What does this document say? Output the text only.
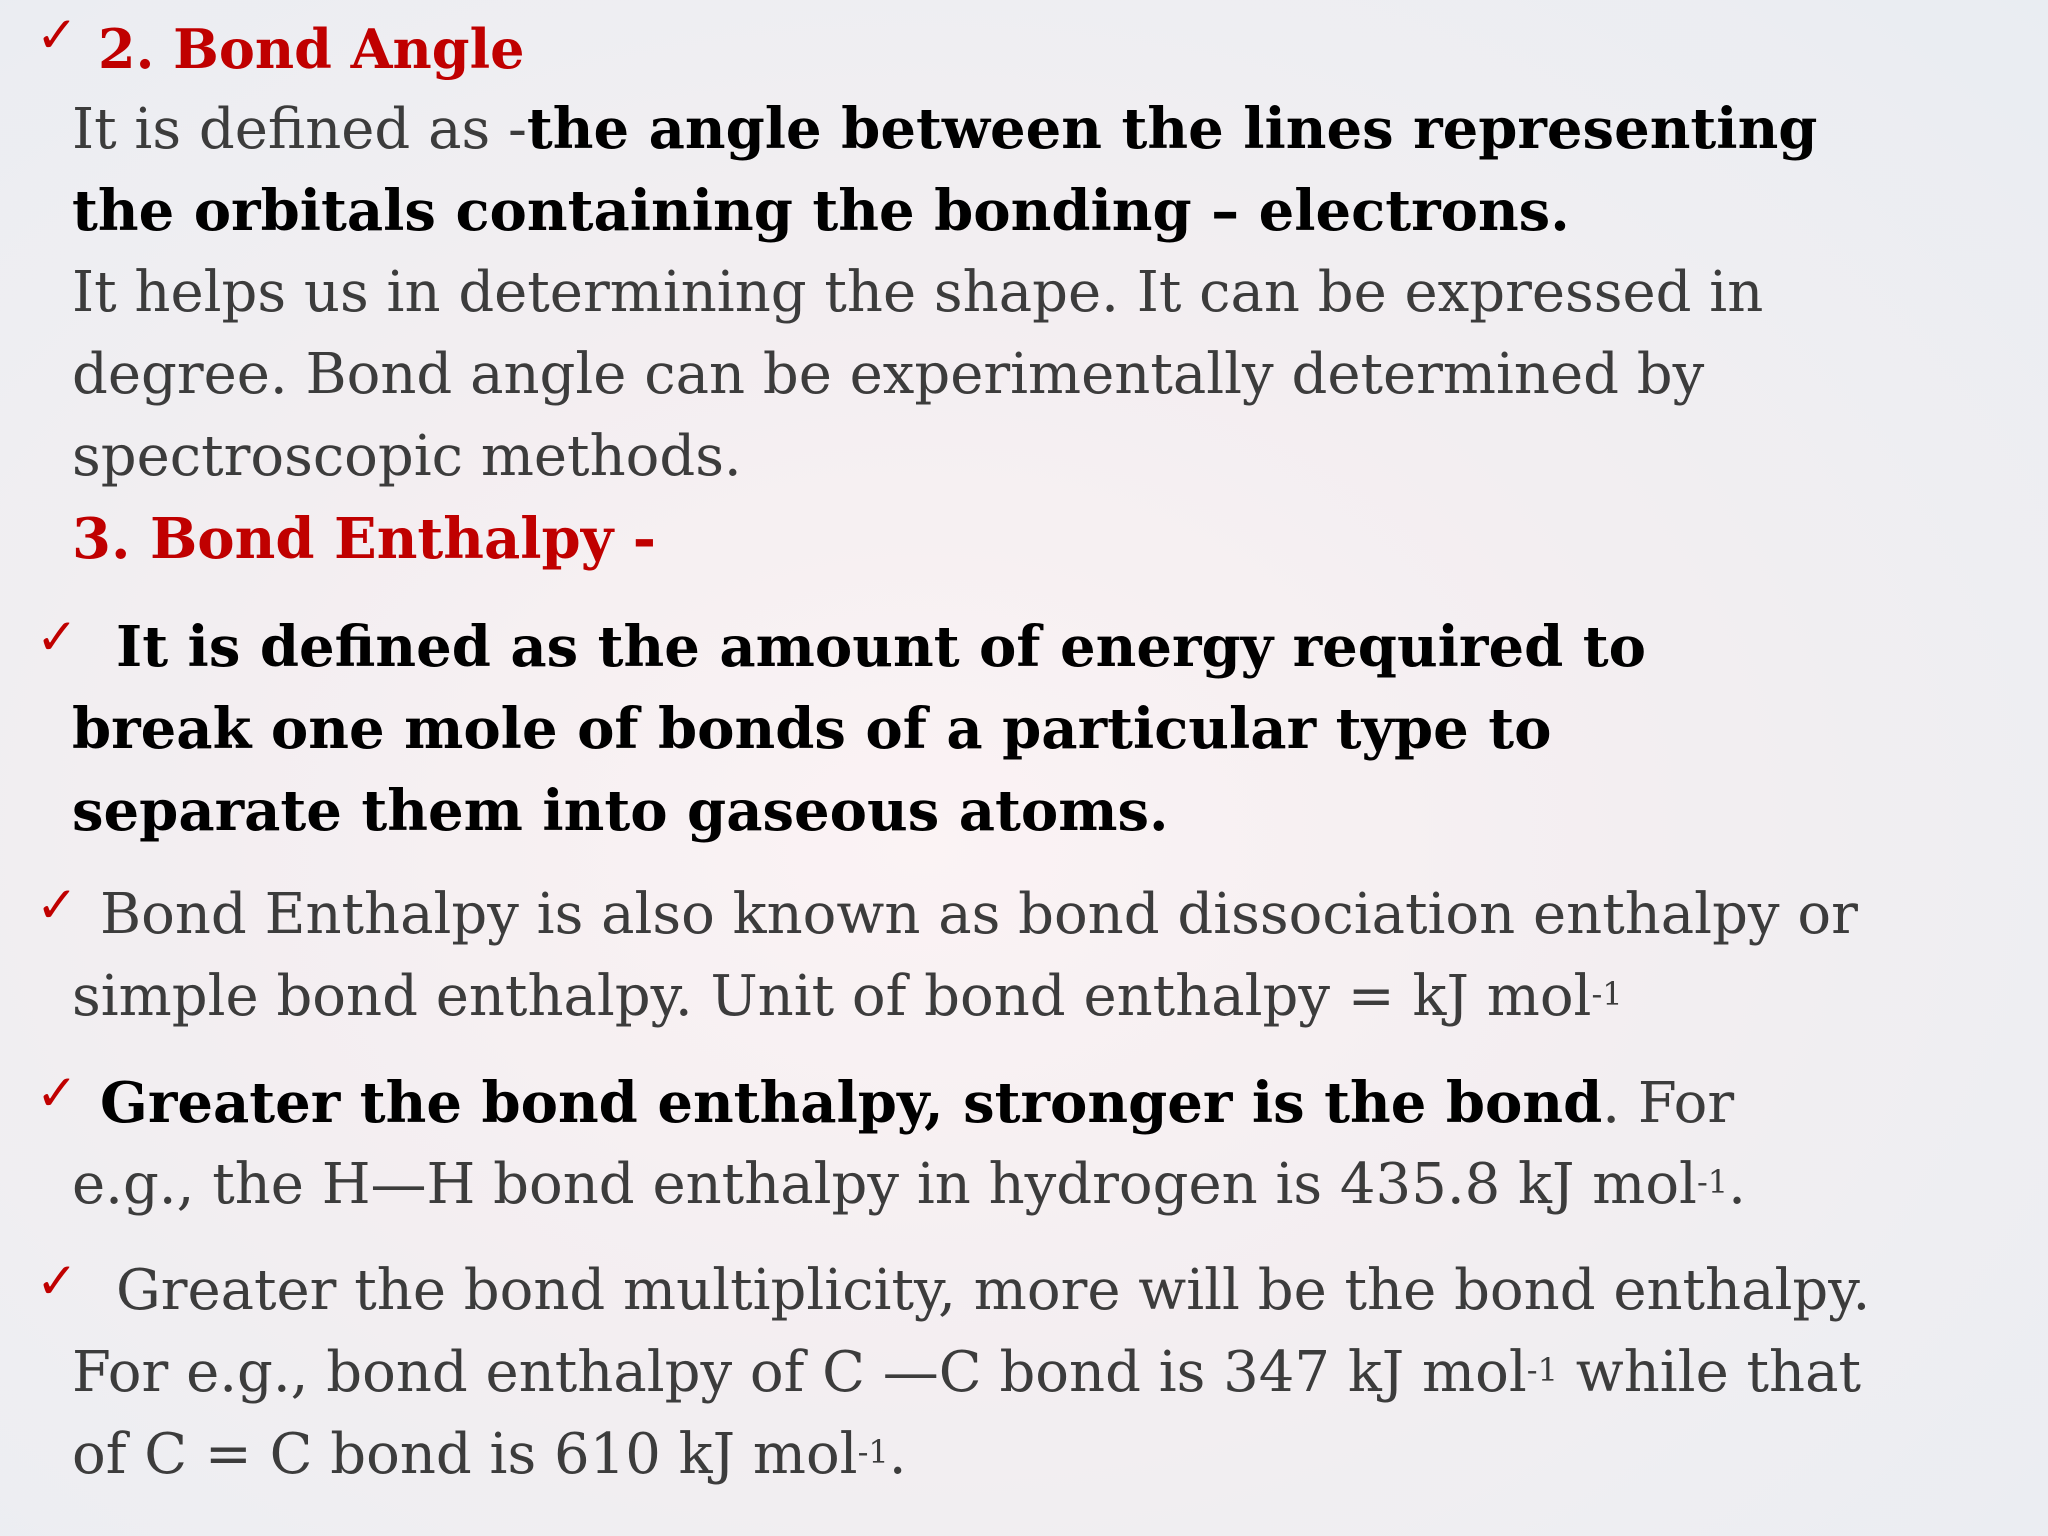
✓ 2. Bond Angle
It is defined as -the angle between the lines representing
the orbitals containing the bonding – electrons.
It helps us in determining the shape. It can be expressed in
degree. Bond angle can be experimentally determined by
spectroscopic methods.
3. Bond Enthalpy -
✓ It is defined as the amount of energy required to
break one mole of bonds of a particular type to
separate them into gaseous atoms.
✓ Bond Enthalpy is also known as bond dissociation enthalpy or
simple bond enthalpy. Unit of bond enthalpy = kJ mol$^{-1}$
✓ Greater the bond enthalpy, stronger is the bond. For
e.g., the H—H bond enthalpy in hydrogen is 435.8 kJ mol$^{-1}$.
✓ Greater the bond multiplicity, more will be the bond enthalpy.
For e.g., bond enthalpy of C —C bond is 347 kJ mol$^{-1}$ while that
of C = C bond is 610 kJ mol$^{-1}$.
